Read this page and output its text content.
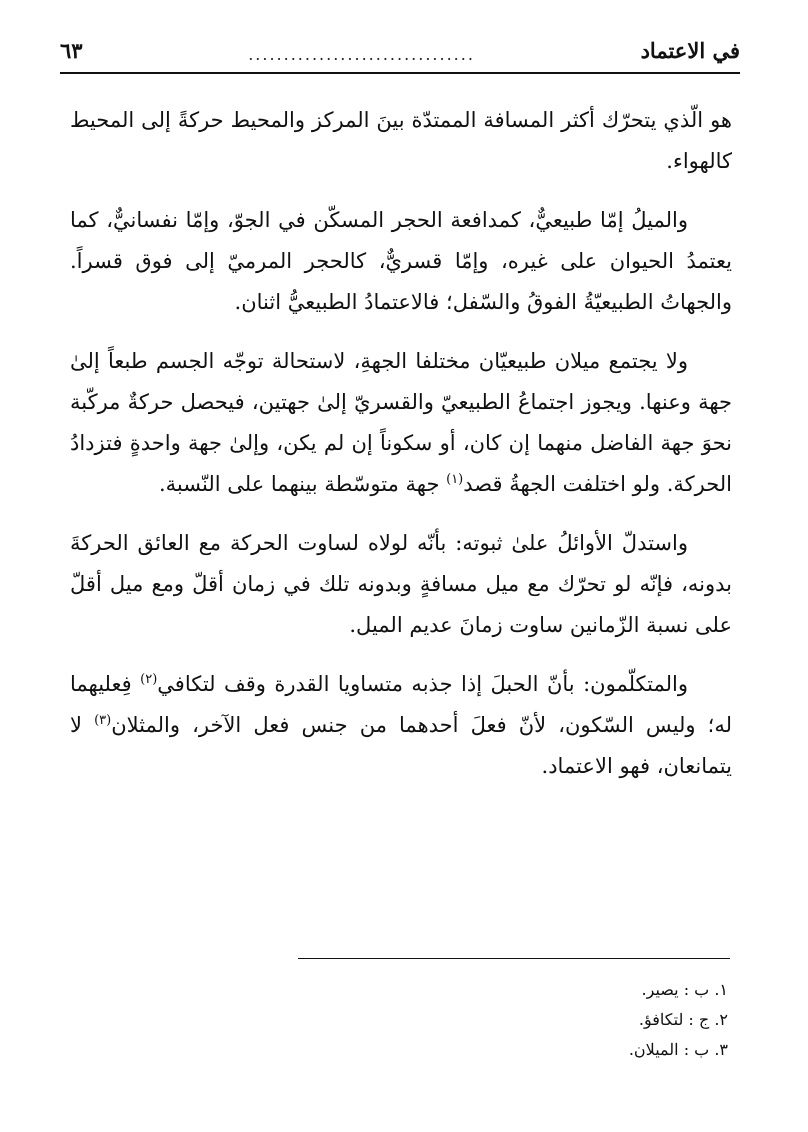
في الاعتماد
................................
٦٣

هو الّذي يتحرّك أكثر المسافة الممتدّة بينَ المركز والمحيط حركةً إلى المحيط كالهواء.

والميلُ إمّا طبيعيٌّ، كمدافعة الحجر المسكّن في الجوّ، وإمّا نفسانيٌّ، كما يعتمدُ الحيوان على غيره، وإمّا قسريٌّ، كالحجر المرميّ إلى فوق قسراً. والجهاتُ الطبيعيّةُ الفوقُ والسّفل؛ فالاعتمادُ الطبيعيُّ اثنان.

ولا يجتمع ميلان طبيعيّان مختلفا الجهةِ، لاستحالة توجّه الجسم طبعاً إلىٰ جهة وعنها. ويجوز اجتماعُ الطبيعيّ والقسريّ إلىٰ جهتين، فيحصل حركةٌ مركّبة نحوَ جهة الفاضل منهما إن كان، أو سكوناً إن لم يكن، وإلىٰ جهة واحدةٍ فتزدادُ الحركة. ولو اختلفت الجهةُ قصد$^{(١)}$ جهة متوسّطة بينهما على النّسبة.

واستدلّ الأوائلُ علىٰ ثبوته: بأنّه لولاه لساوت الحركة مع العائق الحركةَ بدونه، فإنّه لو تحرّك مع ميل مسافةٍ وبدونه تلك في زمان أقلّ ومع ميل أقلّ على نسبة الزّمانين ساوت زمانَ عديم الميل.

والمتكلّمون: بأنّ الحبلَ إذا جذبه متساويا القدرة وقف لتكافي$^{(٢)}$ فِعليهما له؛ وليس السّكون، لأنّ فعلَ أحدهما من جنس فعل الآخر، والمثلان$^{(٣)}$ لا يتمانعان، فهو الاعتماد.

١. ب : يصير.
٢. ج : لتكافؤ.
٣. ب : الميلان.
